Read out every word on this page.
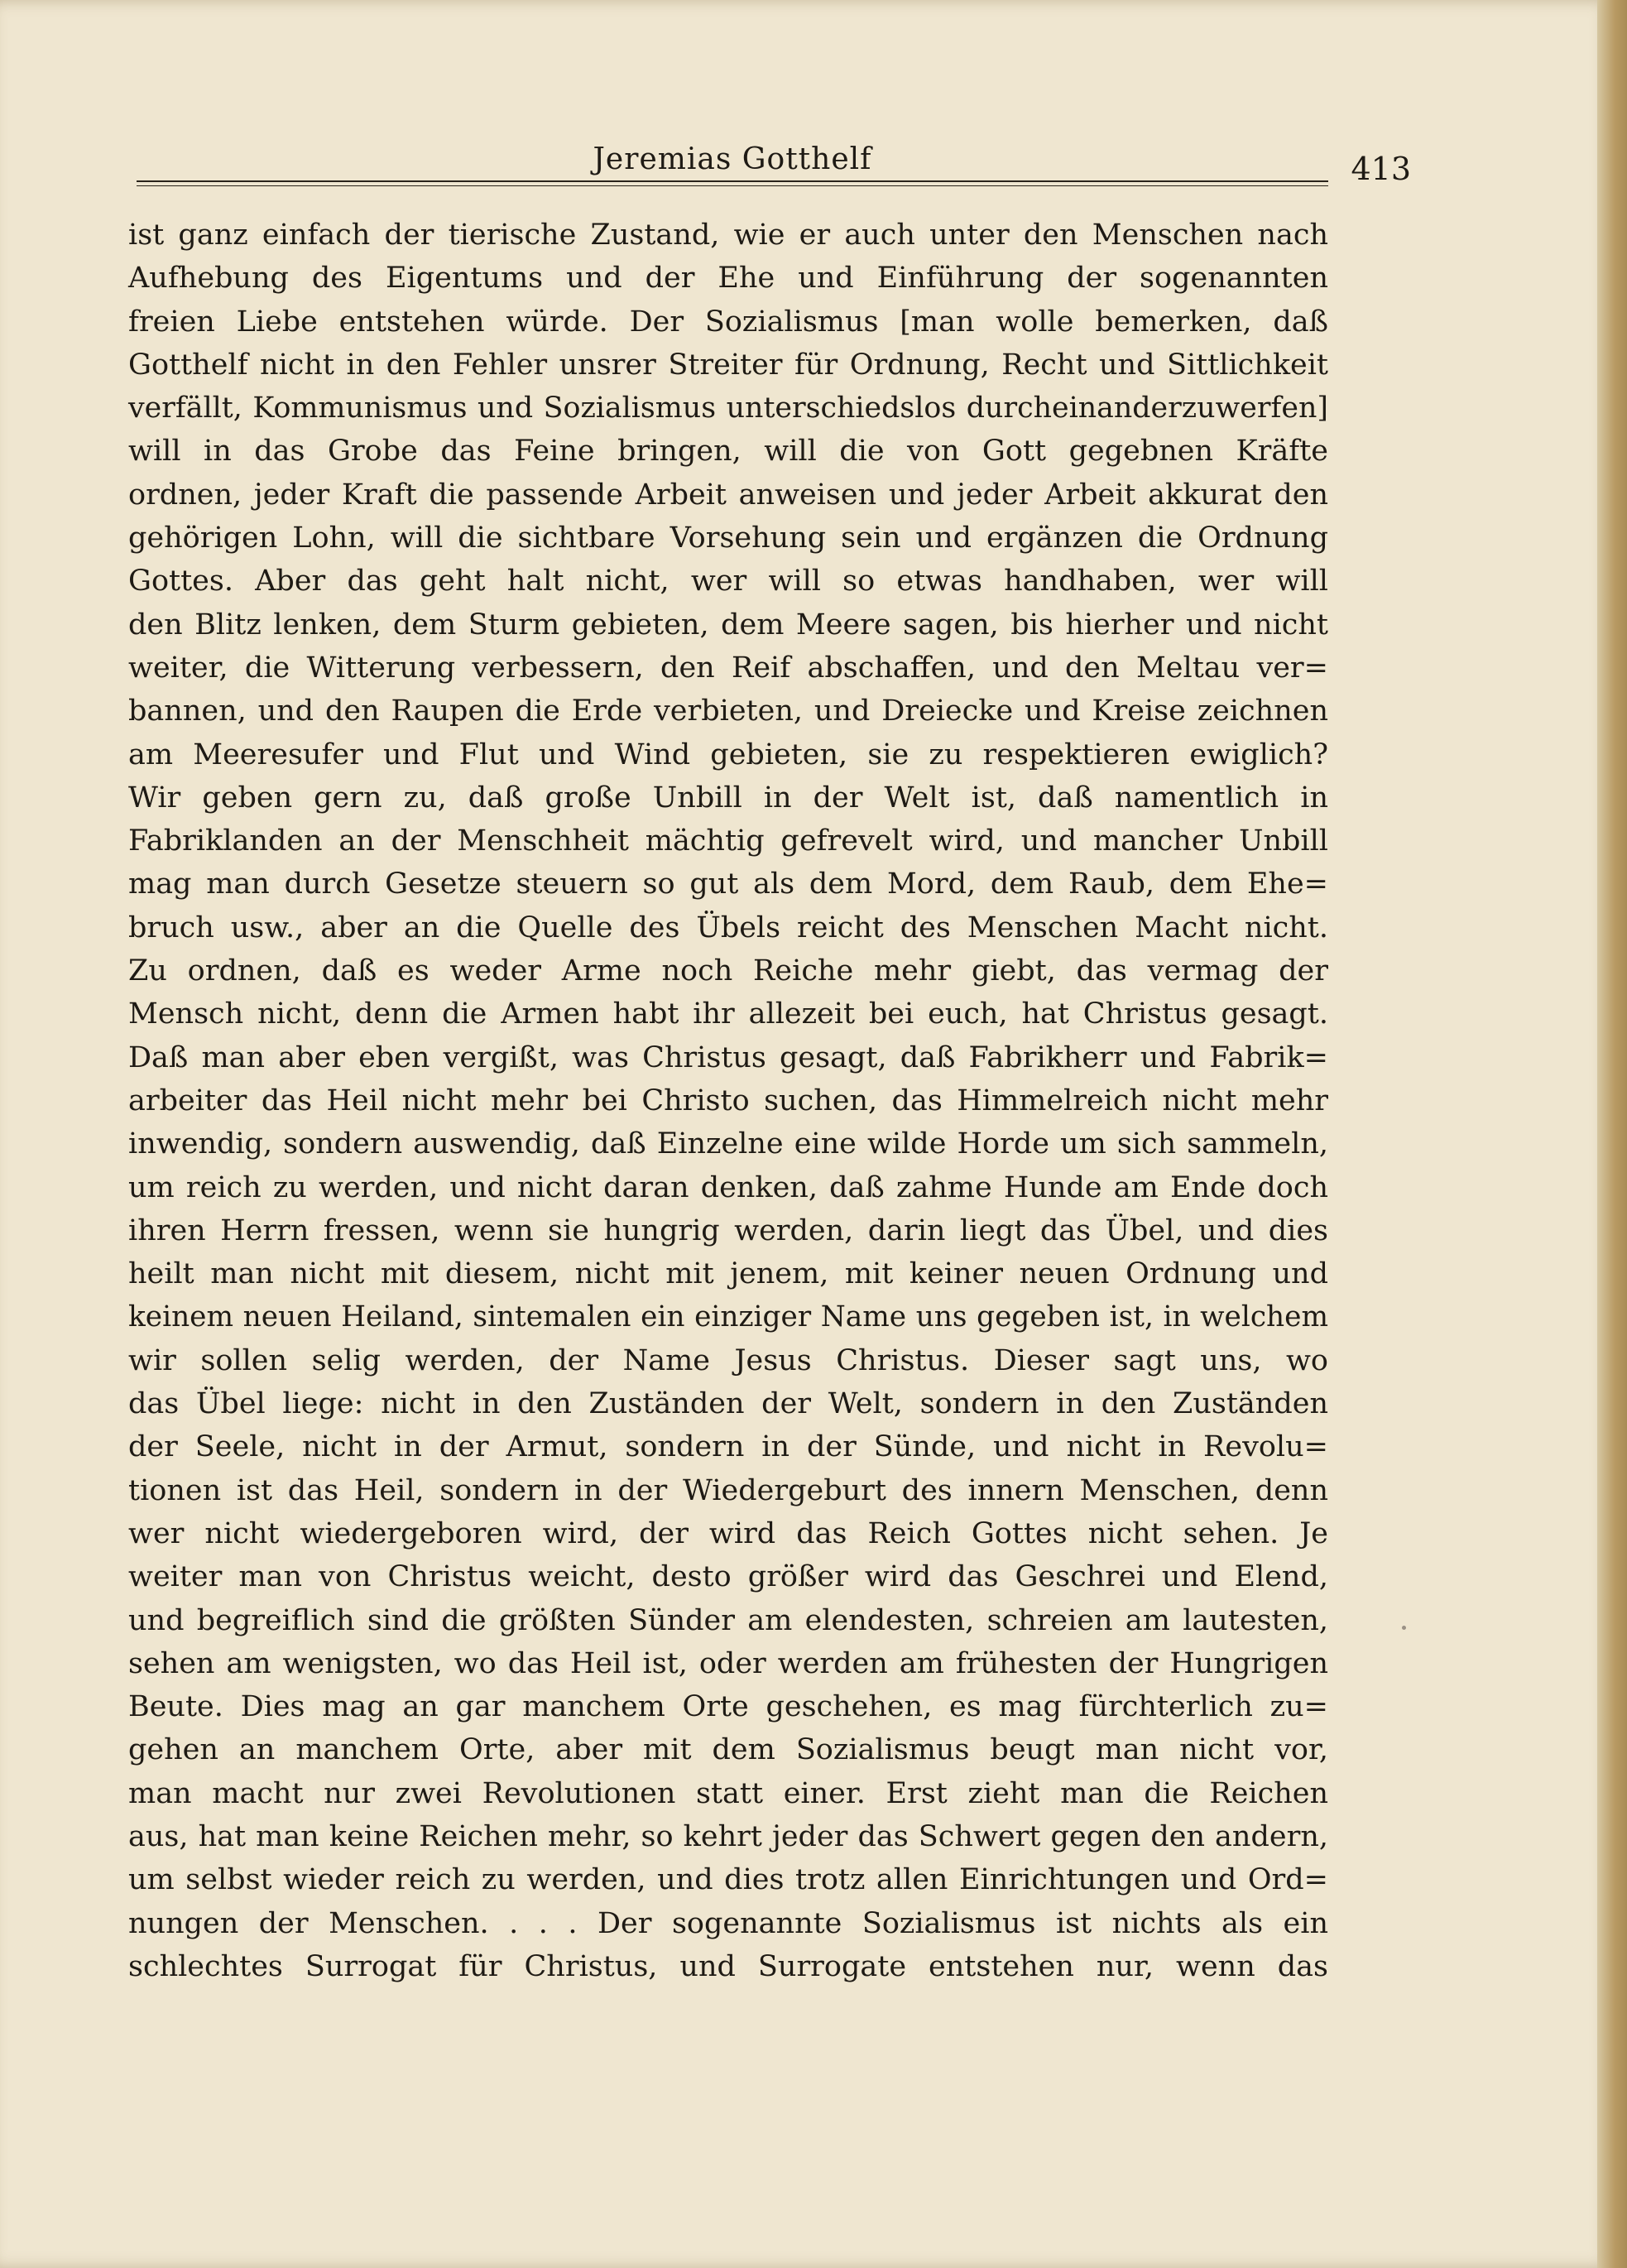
Jeremias Gotthelf	413
ist ganz einfach der tierische Zustand, wie er auch unter den Menschen nach
Aufhebung des Eigentums und der Ehe und Einführung der sogenannten
freien Liebe entstehen würde. Der Sozialismus [man wolle bemerken, daß
Gotthelf nicht in den Fehler unsrer Streiter für Ordnung, Recht und Sittlichkeit
verfällt, Kommunismus und Sozialismus unterschiedslos durcheinanderzuwerfen]
will in das Grobe das Feine bringen, will die von Gott gegebnen Kräfte
ordnen, jeder Kraft die passende Arbeit anweisen und jeder Arbeit akkurat den
gehörigen Lohn, will die sichtbare Vorsehung sein und ergänzen die Ordnung
Gottes. Aber das geht halt nicht, wer will so etwas handhaben, wer will
den Blitz lenken, dem Sturm gebieten, dem Meere sagen, bis hierher und nicht
weiter, die Witterung verbessern, den Reif abschaffen, und den Meltau ver=
bannen, und den Raupen die Erde verbieten, und Dreiecke und Kreise zeichnen
am Meeresufer und Flut und Wind gebieten, sie zu respektieren ewiglich?
Wir geben gern zu, daß große Unbill in der Welt ist, daß namentlich in
Fabriklanden an der Menschheit mächtig gefrevelt wird, und mancher Unbill
mag man durch Gesetze steuern so gut als dem Mord, dem Raub, dem Ehe=
bruch usw., aber an die Quelle des Übels reicht des Menschen Macht nicht.
Zu ordnen, daß es weder Arme noch Reiche mehr giebt, das vermag der
Mensch nicht, denn die Armen habt ihr allezeit bei euch, hat Christus gesagt.
Daß man aber eben vergißt, was Christus gesagt, daß Fabrikherr und Fabrik=
arbeiter das Heil nicht mehr bei Christo suchen, das Himmelreich nicht mehr
inwendig, sondern auswendig, daß Einzelne eine wilde Horde um sich sammeln,
um reich zu werden, und nicht daran denken, daß zahme Hunde am Ende doch
ihren Herrn fressen, wenn sie hungrig werden, darin liegt das Übel, und dies
heilt man nicht mit diesem, nicht mit jenem, mit keiner neuen Ordnung und
keinem neuen Heiland, sintemalen ein einziger Name uns gegeben ist, in welchem
wir sollen selig werden, der Name Jesus Christus. Dieser sagt uns, wo
das Übel liege: nicht in den Zuständen der Welt, sondern in den Zuständen
der Seele, nicht in der Armut, sondern in der Sünde, und nicht in Revolu=
tionen ist das Heil, sondern in der Wiedergeburt des innern Menschen, denn
wer nicht wiedergeboren wird, der wird das Reich Gottes nicht sehen. Je
weiter man von Christus weicht, desto größer wird das Geschrei und Elend,
und begreiflich sind die größten Sünder am elendesten, schreien am lautesten,
sehen am wenigsten, wo das Heil ist, oder werden am frühesten der Hungrigen
Beute. Dies mag an gar manchem Orte geschehen, es mag fürchterlich zu=
gehen an manchem Orte, aber mit dem Sozialismus beugt man nicht vor,
man macht nur zwei Revolutionen statt einer. Erst zieht man die Reichen
aus, hat man keine Reichen mehr, so kehrt jeder das Schwert gegen den andern,
um selbst wieder reich zu werden, und dies trotz allen Einrichtungen und Ord=
nungen der Menschen. . . . Der sogenannte Sozialismus ist nichts als ein
schlechtes Surrogat für Christus, und Surrogate entstehen nur, wenn das
